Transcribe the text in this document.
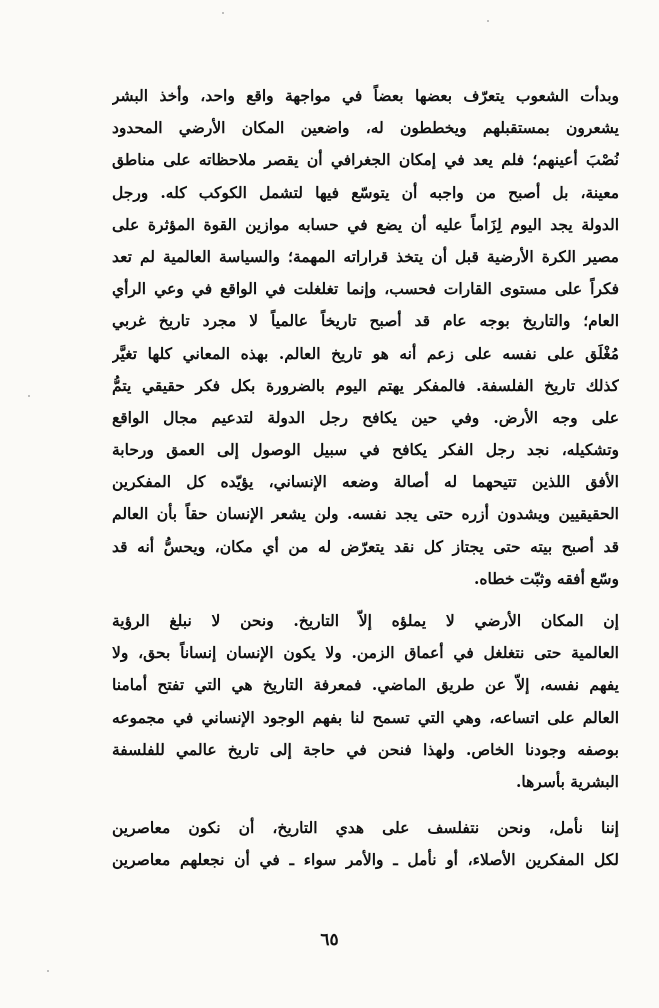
وبدأت الشعوب يتعرّف بعضها بعضاً في مواجهة واقع واحد، وأخذ البشر
يشعرون بمستقبلهم ويخططون له، واضعين المكان الأرضي المحدود
نُصْبَ أعينهم؛ فلم يعد في إمكان الجغرافي أن يقصر ملاحظاته على مناطق
معينة، بل أصبح من واجبه أن يتوسّع فيها لتشمل الكوكب كله. ورجل
الدولة يجد اليوم لِزَاماً عليه أن يضع في حسابه موازين القوة المؤثرة على
مصير الكرة الأرضية قبل أن يتخذ قراراته المهمة؛ والسياسة العالمية لم تعد
فكراً على مستوى القارات فحسب، وإنما تغلغلت في الواقع في وعي الرأي
العام؛ والتاريخ بوجه عام قد أصبح تاريخاً عالمياً لا مجرد تاريخ غربي
مُغْلَق على نفسه على زعم أنه هو تاريخ العالم. بهذه المعاني كلها تغيَّر
كذلك تاريخ الفلسفة. فالمفكر يهتم اليوم بالضرورة بكل فكر حقيقي يتمُّ
على وجه الأرض. وفي حين يكافح رجل الدولة لتدعيم مجال الواقع
وتشكيله، نجد رجل الفكر يكافح في سبيل الوصول إلى العمق ورحابة
الأفق اللذين تتيحهما له أصالة وضعه الإنساني، يؤيّده كل المفكرين
الحقيقيين ويشدون أزره حتى يجد نفسه. ولن يشعر الإنسان حقاً بأن العالم
قد أصبح بيته حتى يجتاز كل نقد يتعرّض له من أي مكان، ويحسُّ أنه قد
وسّع أفقه وثبّت خطاه.
إن المكان الأرضي لا يملؤه إلاّ التاريخ. ونحن لا نبلغ الرؤية
العالمية حتى نتغلغل في أعماق الزمن. ولا يكون الإنسان إنساناً بحق، ولا
يفهم نفسه، إلاّ عن طريق الماضي. فمعرفة التاريخ هي التي تفتح أمامنا
العالم على اتساعه، وهي التي تسمح لنا بفهم الوجود الإنساني في مجموعه
بوصفه وجودنا الخاص. ولهذا فنحن في حاجة إلى تاريخ عالمي للفلسفة
البشرية بأسرها.
إننا نأمل، ونحن نتفلسف على هدي التاريخ، أن نكون معاصرين
لكل المفكرين الأصلاء، أو نأمل ـ والأمر سواء ـ في أن نجعلهم معاصرين
٦٥
